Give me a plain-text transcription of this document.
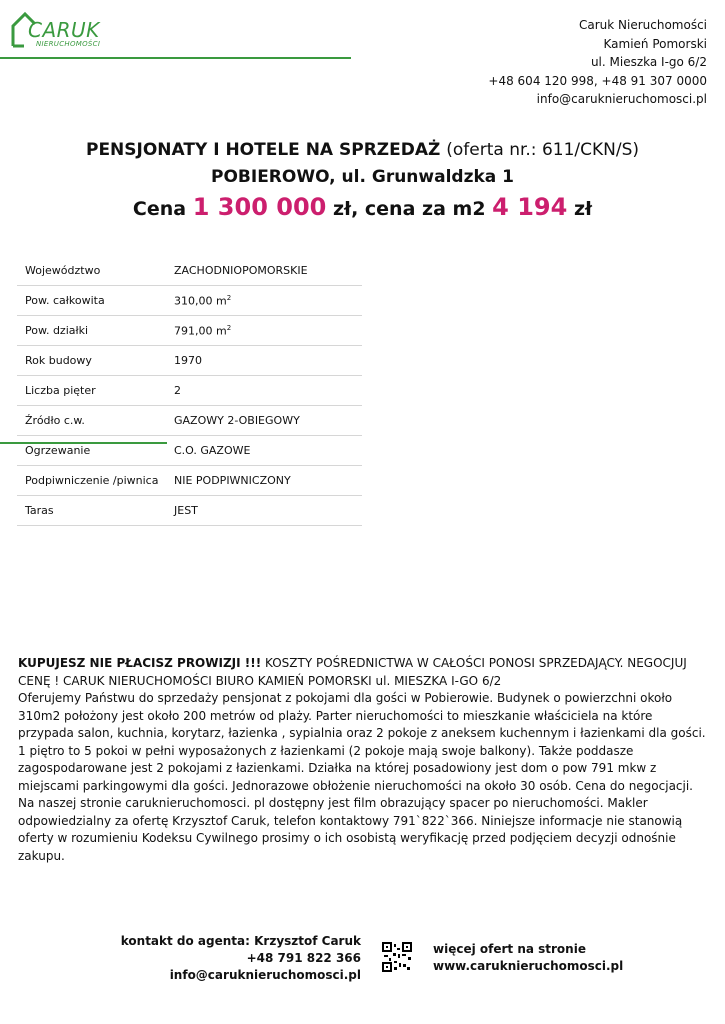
CARUK
NIERUCHOMOŚCI
Caruk Nieruchomości
Kamień Pomorski
ul. Mieszka I-go 6/2
+48 604 120 998, +48 91 307 0000
info@caruknieruchomosci.pl
PENSJONATY I HOTELE NA SPRZEDAŻ (oferta nr.: 611/CKN/S)
POBIEROWO, ul. Grunwaldzka 1
Cena 1 300 000 zł, cena za m2 4 194 zł
Województwo	ZACHODNIOPOMORSKIE
Pow. całkowita	310,00 $m^2$
Pow. działki	791,00 $m^2$
Rok budowy	1970
Liczba pięter	2
Źródło c.w.	GAZOWY 2-OBIEGOWY
Ogrzewanie	C.O. GAZOWE
Podpiwniczenie /piwnica	NIE PODPIWNICZONY
Taras	JEST
KUPUJESZ NIE PŁACISZ PROWIZJI !!! KOSZTY POŚREDNICTWA W CAŁOŚCI PONOSI SPRZEDAJĄCY. NEGOCJUJ CENĘ ! CARUK NIERUCHOMOŚCI BIURO KAMIEŃ POMORSKI ul. MIESZKA I-GO 6/2
Oferujemy Państwu do sprzedaży pensjonat z pokojami dla gości w Pobierowie. Budynek o powierzchni około 310m2 położony jest około 200 metrów od plaży. Parter nieruchomości to mieszkanie właściciela na które przypada salon, kuchnia, korytarz, łazienka , sypialnia oraz 2 pokoje z aneksem kuchennym i łazienkami dla gości. 1 piętro to 5 pokoi w pełni wyposażonych z łazienkami (2 pokoje mają swoje balkony). Także poddasze zagospodarowane jest 2 pokojami z łazienkami. Działka na której posadowiony jest dom o pow 791 mkw z miejscami parkingowymi dla gości. Jednorazowe obłożenie nieruchomości na około 30 osób. Cena do negocjacji. Na naszej stronie caruknieruchomosci. pl dostępny jest film obrazujący spacer po nieruchomości. Makler odpowiedzialny za ofertę Krzysztof Caruk, telefon kontaktowy 791`822`366. Niniejsze informacje nie stanowią oferty w rozumieniu Kodeksu Cywilnego prosimy o ich osobistą weryfikację przed podjęciem decyzji odnośnie zakupu.
kontakt do agenta: Krzysztof Caruk
+48 791 822 366
info@caruknieruchomosci.pl
więcej ofert na stronie
www.caruknieruchomosci.pl
